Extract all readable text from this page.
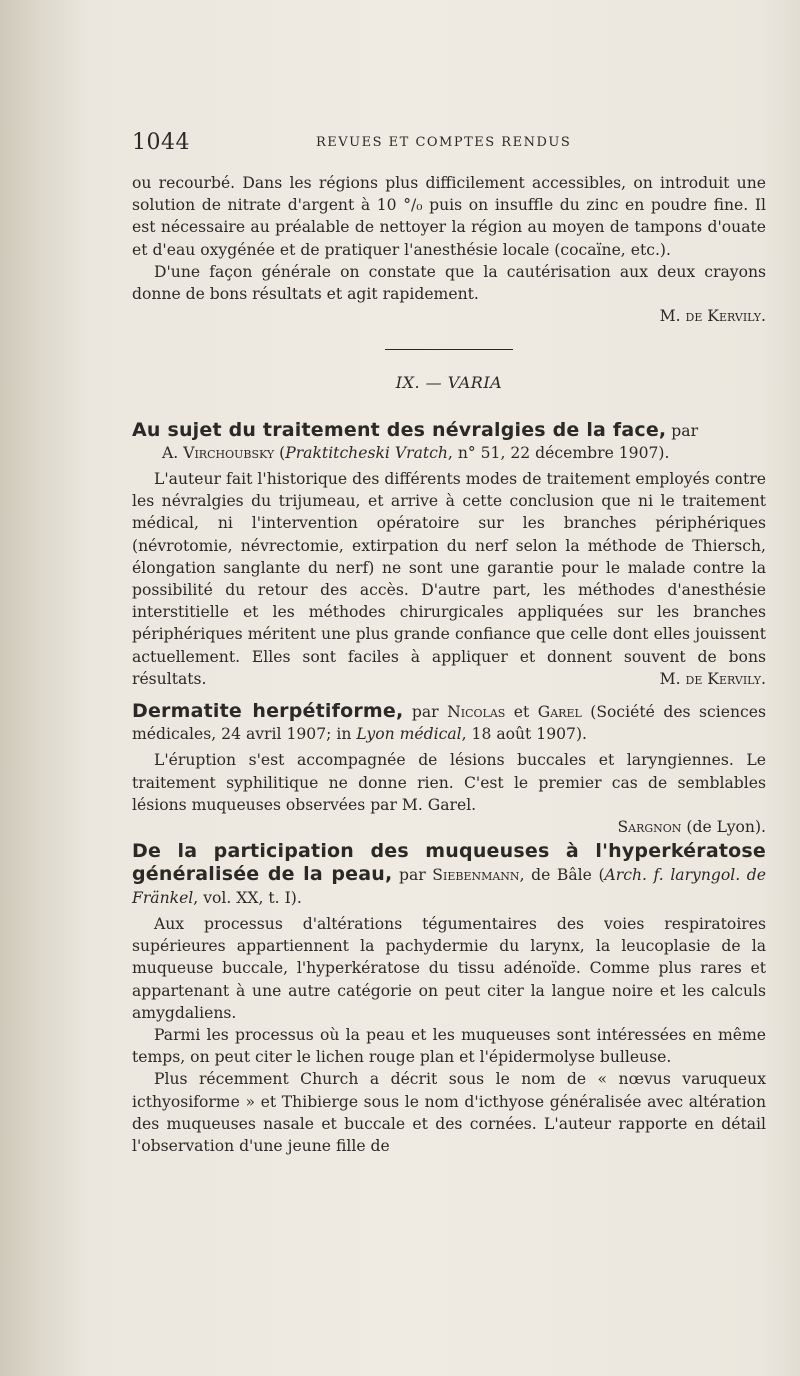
1044	REVUES ET COMPTES RENDUS

ou recourbé. Dans les régions plus difficilement accessibles, on introduit une solution de nitrate d'argent à 10 °/₀ puis on insuffle du zinc en poudre fine. Il est nécessaire au préalable de nettoyer la région au moyen de tampons d'ouate et d'eau oxygénée et de pratiquer l'anesthésie locale (cocaïne, etc.).

D'une façon générale on constate que la cautérisation aux deux crayons donne de bons résultats et agit rapidement.

M. de Kervily.

IX. — VARIA

Au sujet du traitement des névralgies de la face, par
A. Virchoubsky (Praktitcheski Vratch, n° 51, 22 décembre 1907).

L'auteur fait l'historique des différents modes de traitement employés contre les névralgies du trijumeau, et arrive à cette conclusion que ni le traitement médical, ni l'intervention opératoire sur les branches périphériques (névrotomie, névrectomie, extirpation du nerf selon la méthode de Thiersch, élongation sanglante du nerf) ne sont une garantie pour le malade contre la possibilité du retour des accès. D'autre part, les méthodes d'anesthésie interstitielle et les méthodes chirurgicales appliquées sur les branches périphériques méritent une plus grande confiance que celle dont elles jouissent actuellement. Elles sont faciles à appliquer et donnent souvent de bons résultats.	M. de Kervily.

Dermatite herpétiforme, par Nicolas et Garel (Société des sciences médicales, 24 avril 1907; in Lyon médical, 18 août 1907).

L'éruption s'est accompagnée de lésions buccales et laryngiennes. Le traitement syphilitique ne donne rien. C'est le premier cas de semblables lésions muqueuses observées par M. Garel.

Sargnon (de Lyon).

De la participation des muqueuses à l'hyperkératose généralisée de la peau, par Siebenmann, de Bâle (Arch. f. laryngol. de Fränkel, vol. XX, t. I).

Aux processus d'altérations tégumentaires des voies respiratoires supérieures appartiennent la pachydermie du larynx, la leucoplasie de la muqueuse buccale, l'hyperkératose du tissu adénoïde. Comme plus rares et appartenant à une autre catégorie on peut citer la langue noire et les calculs amygdaliens.

Parmi les processus où la peau et les muqueuses sont intéressées en même temps, on peut citer le lichen rouge plan et l'épidermolyse bulleuse.

Plus récemment Church a décrit sous le nom de « nœvus varuqueux icthyosiforme » et Thibierge sous le nom d'icthyose généralisée avec altération des muqueuses nasale et buccale et des cornées. L'auteur rapporte en détail l'observation d'une jeune fille de
